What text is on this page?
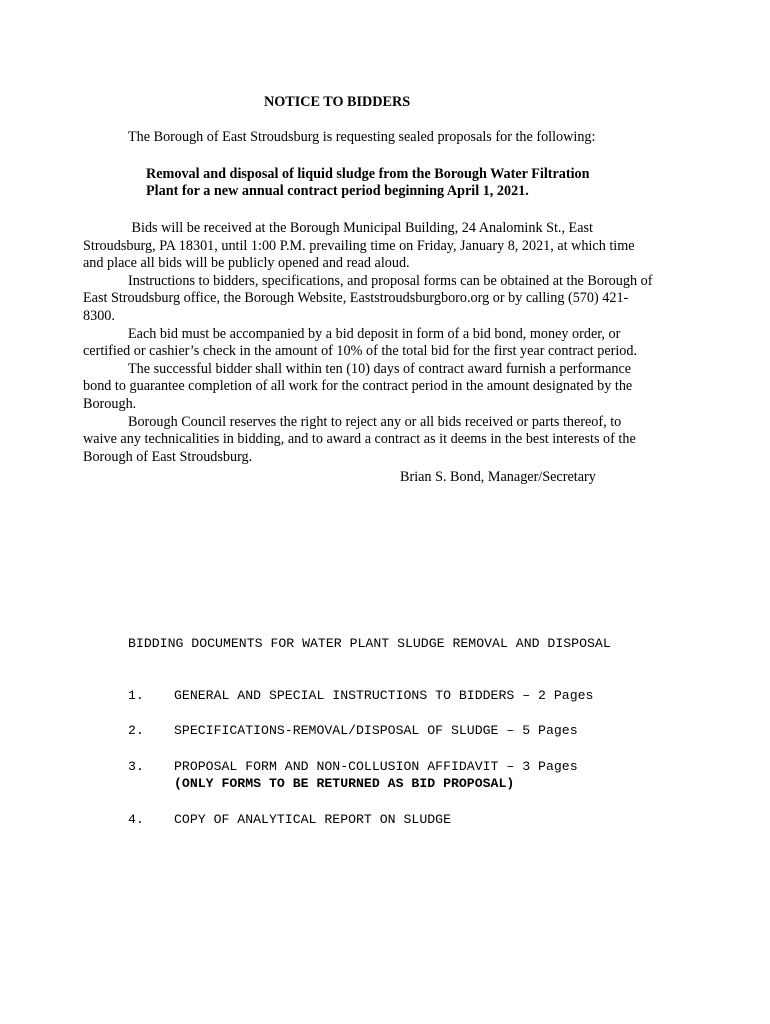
NOTICE TO BIDDERS
The Borough of East Stroudsburg is requesting sealed proposals for the following:
Removal and disposal of liquid sludge from the Borough Water Filtration
Plant for a new annual contract period beginning April 1, 2021.
Bids will be received at the Borough Municipal Building, 24 Analomink St., East
Stroudsburg, PA 18301, until 1:00 P.M. prevailing time on Friday, January 8, 2021, at which time
and place all bids will be publicly opened and read aloud.
Instructions to bidders, specifications, and proposal forms can be obtained at the Borough of
East Stroudsburg office, the Borough Website, Eaststroudsburgboro.org or by calling (570) 421-
8300.
Each bid must be accompanied by a bid deposit in form of a bid bond, money order, or
certified or cashier’s check in the amount of 10% of the total bid for the first year contract period.
The successful bidder shall within ten (10) days of contract award furnish a performance
bond to guarantee completion of all work for the contract period in the amount designated by the
Borough.
Borough Council reserves the right to reject any or all bids received or parts thereof, to
waive any technicalities in bidding, and to award a contract as it deems in the best interests of the
Borough of East Stroudsburg.
Brian S. Bond, Manager/Secretary
BIDDING DOCUMENTS FOR WATER PLANT SLUDGE REMOVAL AND DISPOSAL
1. GENERAL AND SPECIAL INSTRUCTIONS TO BIDDERS – 2 Pages
2. SPECIFICATIONS-REMOVAL/DISPOSAL OF SLUDGE – 5 Pages
3. PROPOSAL FORM AND NON-COLLUSION AFFIDAVIT – 3 Pages
(ONLY FORMS TO BE RETURNED AS BID PROPOSAL)
4. COPY OF ANALYTICAL REPORT ON SLUDGE
